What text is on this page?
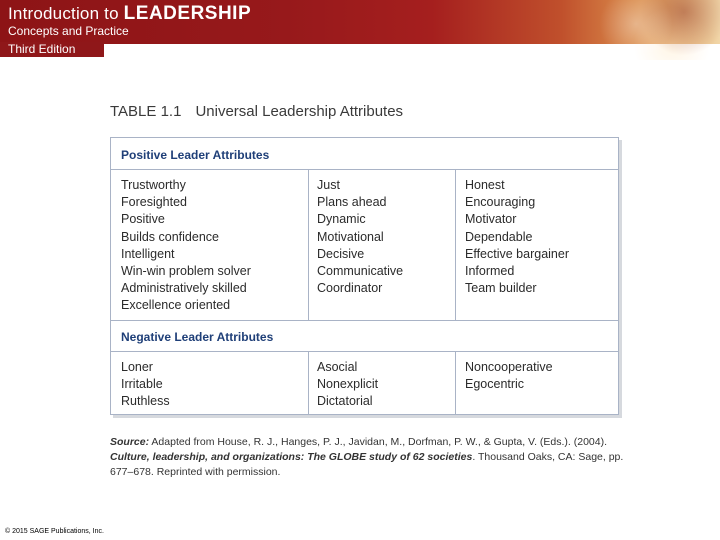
Introduction to LEADERSHIP
Concepts and Practice
Third Edition
TABLE 1.1 Universal Leadership Attributes
Positive Leader Attributes
Trustworthy
Foresighted
Positive
Builds confidence
Intelligent
Win-win problem solver
Administratively skilled
Excellence oriented
Just
Plans ahead
Dynamic
Motivational
Decisive
Communicative
Coordinator
Honest
Encouraging
Motivator
Dependable
Effective bargainer
Informed
Team builder
Negative Leader Attributes
Loner
Irritable
Ruthless
Asocial
Nonexplicit
Dictatorial
Noncooperative
Egocentric
Source: Adapted from House, R. J., Hanges, P. J., Javidan, M., Dorfman, P. W., & Gupta, V. (Eds.). (2004). Culture, leadership, and organizations: The GLOBE study of 62 societies. Thousand Oaks, CA: Sage, pp. 677–678. Reprinted with permission.
© 2015 SAGE Publications, Inc.
